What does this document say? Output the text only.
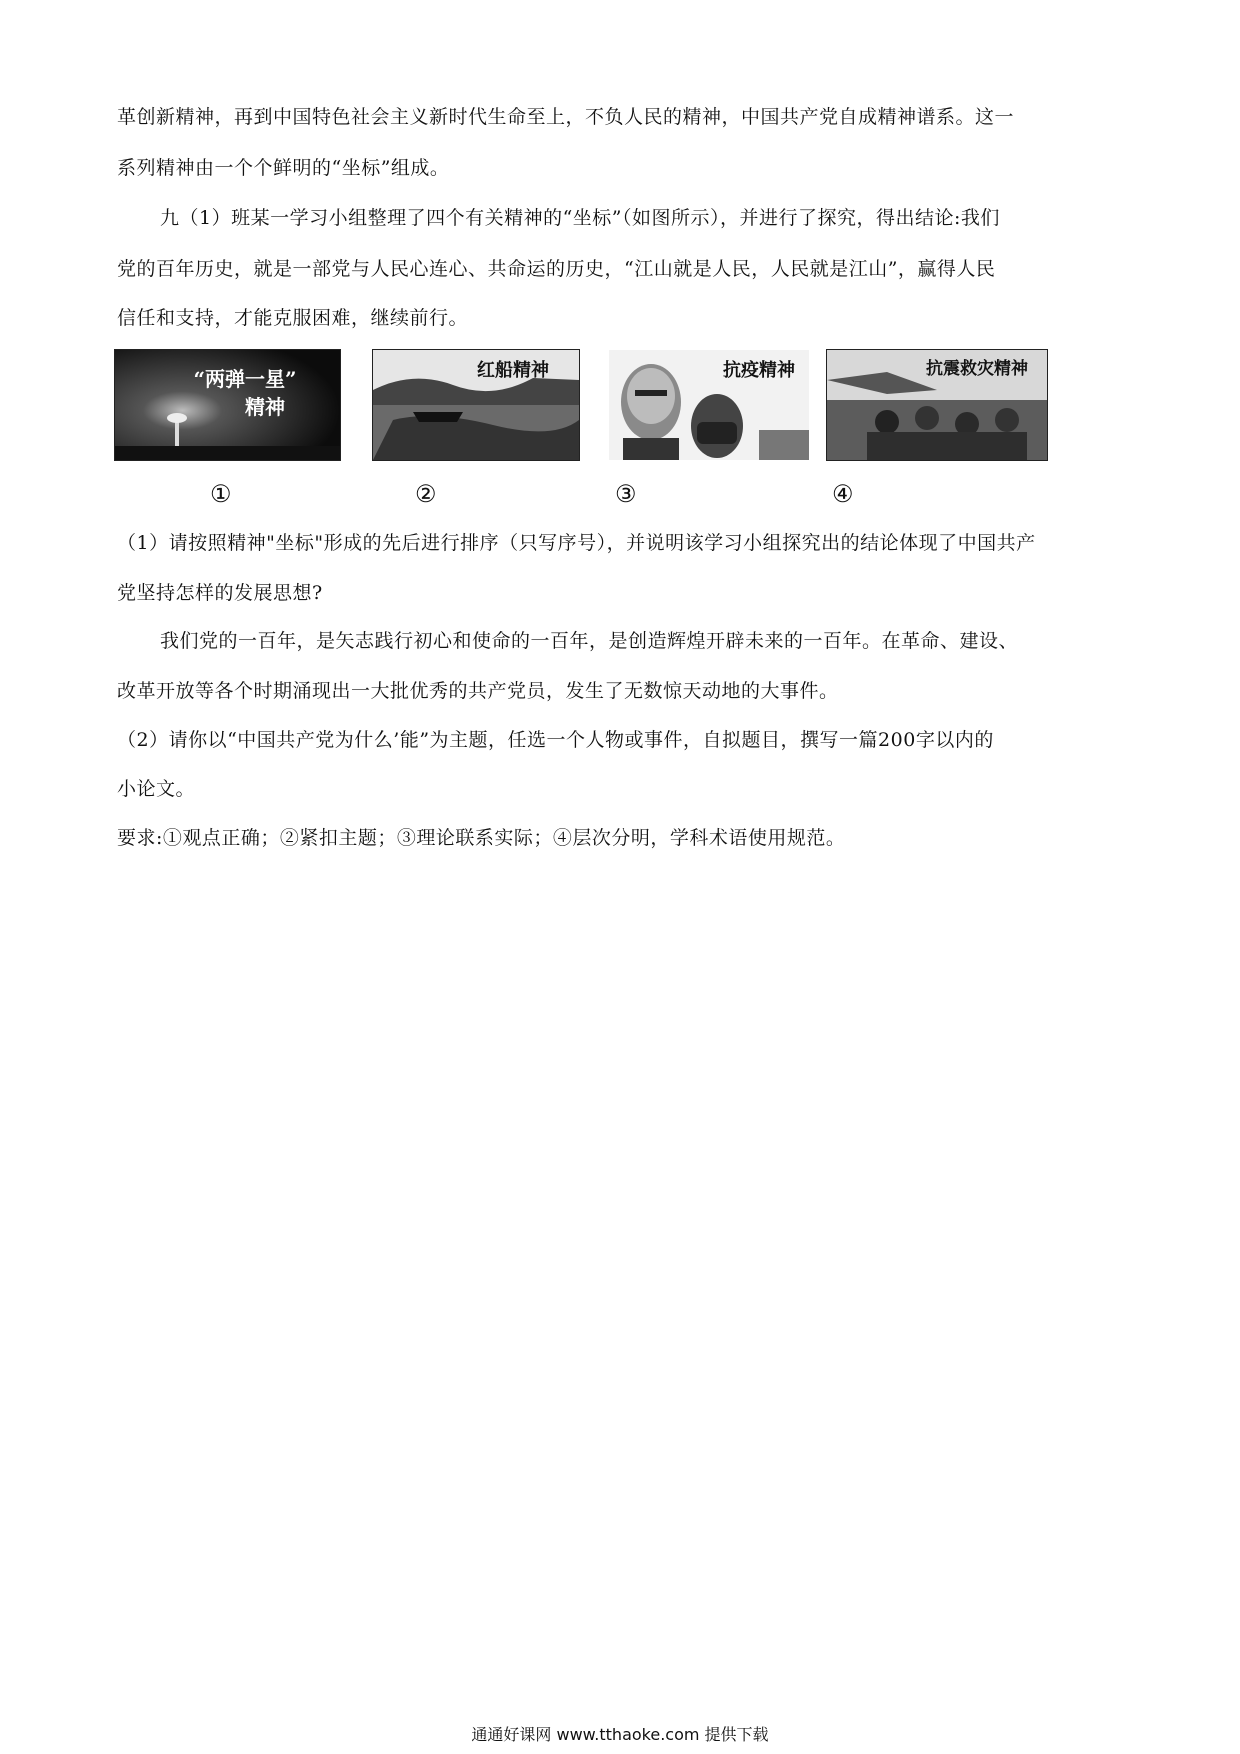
革创新精神，再到中国特色社会主义新时代生命至上，不负人民的精神，中国共产党自成精神谱系。这一
系列精神由一个个鲜明的“坐标”组成。
九（1）班某一学习小组整理了四个有关精神的“坐标”（如图所示），并进行了探究，得出结论:我们
党的百年历史，就是一部党与人民心连心、共命运的历史，“江山就是人民，人民就是江山”，赢得人民
信任和支持，才能克服困难，继续前行。
“两弹一星”
精神
红船精神	抗疫精神	抗震救灾精神
①	②	③	④
（1）请按照精神"坐标"形成的先后进行排序（只写序号），并说明该学习小组探究出的结论体现了中国共产
党坚持怎样的发展思想?
我们党的一百年，是矢志践行初心和使命的一百年，是创造辉煌开辟未来的一百年。在革命、建设、
改革开放等各个时期涌现出一大批优秀的共产党员，发生了无数惊天动地的大事件。
（2）请你以“中国共产党为什么’能”为主题，任选一个人物或事件，自拟题目，撰写一篇200字以内的
小论文。
要求:①观点正确；②紧扣主题；③理论联系实际；④层次分明，学科术语使用规范。
通通好课网 www.tthaoke.com 提供下载
